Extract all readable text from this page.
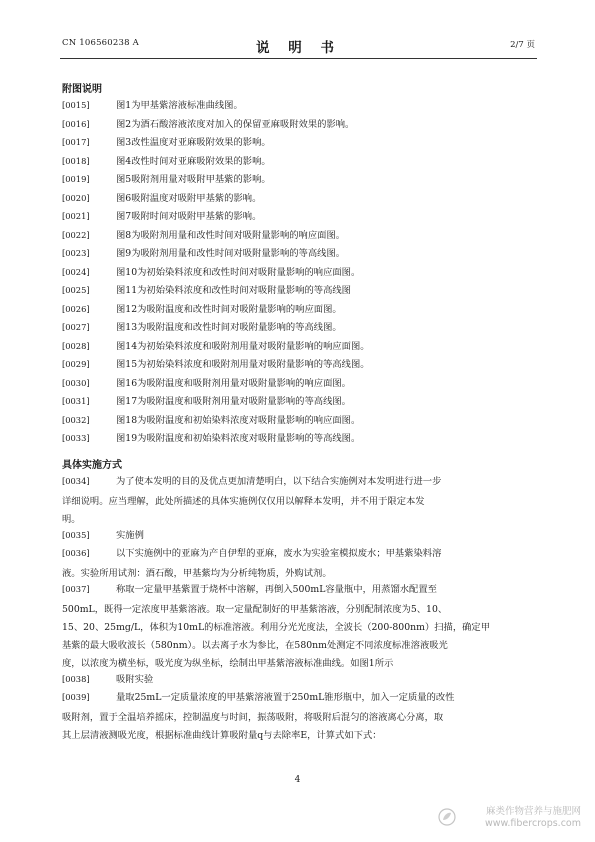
CN 106560238 A	说 明 书	2/7 页
附图说明
[0015]	图1为甲基紫溶液标准曲线图。
[0016]	图2为酒石酸溶液浓度对加入的保留亚麻吸附效果的影响。
[0017]	图3改性温度对亚麻吸附效果的影响。
[0018]	图4改性时间对亚麻吸附效果的影响。
[0019]	图5吸附剂用量对吸附甲基紫的影响。
[0020]	图6吸附温度对吸附甲基紫的影响。
[0021]	图7吸附时间对吸附甲基紫的影响。
[0022]	图8为吸附剂用量和改性时间对吸附量影响的响应面图。
[0023]	图9为吸附剂用量和改性时间对吸附量影响的等高线图。
[0024]	图10为初始染料浓度和改性时间对吸附量影响的响应面图。
[0025]	图11为初始染料浓度和改性时间对吸附量影响的等高线图
[0026]	图12为吸附温度和改性时间对吸附量影响的响应面图。
[0027]	图13为吸附温度和改性时间对吸附量影响的等高线图。
[0028]	图14为初始染料浓度和吸附剂用量对吸附量影响的响应面图。
[0029]	图15为初始染料浓度和吸附剂用量对吸附量影响的等高线图。
[0030]	图16为吸附温度和吸附剂用量对吸附量影响的响应面图。
[0031]	图17为吸附温度和吸附剂用量对吸附量影响的等高线图。
[0032]	图18为吸附温度和初始染料浓度对吸附量影响的响应面图。
[0033]	图19为吸附温度和初始染料浓度对吸附量影响的等高线图。
具体实施方式
[0034]	为了使本发明的目的及优点更加清楚明白，以下结合实施例对本发明进行进一步
详细说明。应当理解，此处所描述的具体实施例仅仅用以解释本发明，并不用于限定本发
明。
[0035]	实施例
[0036]	以下实施例中的亚麻为产自伊犁的亚麻，废水为实验室模拟废水；甲基紫染料溶
液。实验所用试剂：酒石酸，甲基紫均为分析纯物质，外购试剂。
[0037]	称取一定量甲基紫置于烧杯中溶解，再倒入500mL容量瓶中，用蒸馏水配置至
500mL，既得一定浓度甲基紫溶液。取一定量配制好的甲基紫溶液，分别配制浓度为5、10、
15、20、25mg/L，体积为10mL的标准溶液。利用分光光度法，全波长（200-800nm）扫描，确定甲
基紫的最大吸收波长（580nm）。以去离子水为参比，在580nm处测定不同浓度标准溶液吸光
度，以浓度为横坐标，吸光度为纵坐标，绘制出甲基紫溶液标准曲线。如图1所示
[0038]	吸附实验
[0039]	量取25mL一定质量浓度的甲基紫溶液置于250mL锥形瓶中，加入一定质量的改性
吸附剂，置于全温培养摇床，控制温度与时间，振荡吸附，将吸附后混匀的溶液离心分离，取
其上层清液测吸光度，根据标准曲线计算吸附量q与去除率E，计算式如下式：
4
麻类作物营养与施肥网
www.fibercrops.com
